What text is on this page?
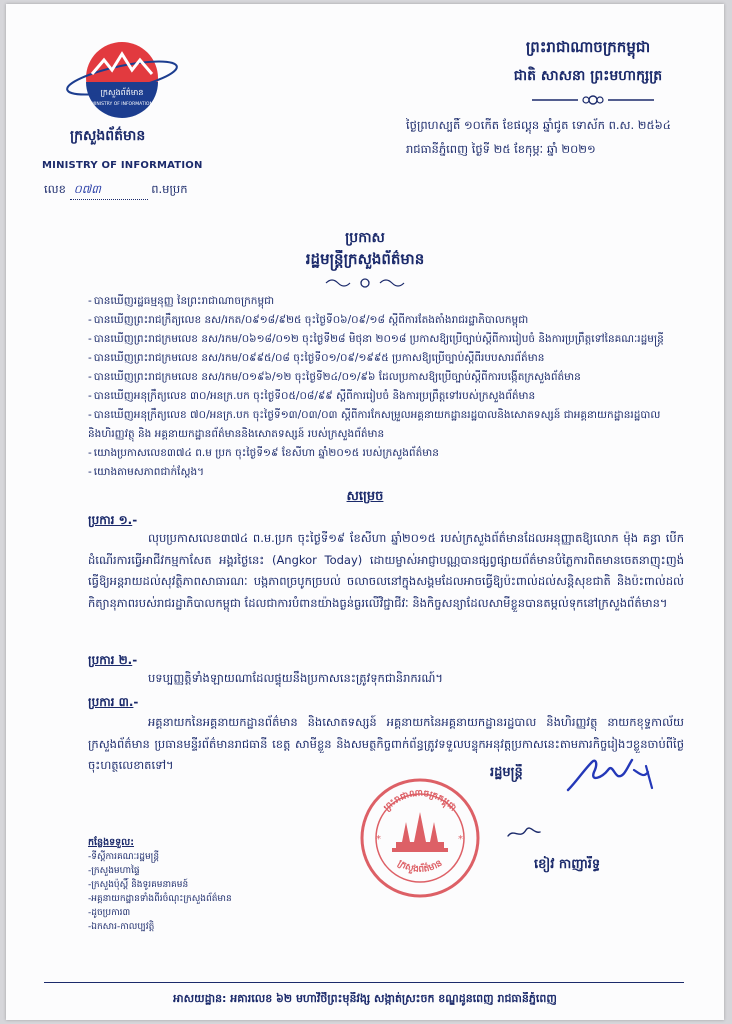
ក្រសួងព័ត៌មាន
MINISTRY OF INFORMATION
ក្រសួងព័ត៌មាន
MINISTRY OF INFORMATION
លេខ ០៧៣	ព.មប្រក
ព្រះរាជាណាចក្រកម្ពុជា
ជាតិ សាសនា ព្រះមហាក្សត្រ
ថ្ងៃព្រហស្បតិ៍ ១០កើត ខែផល្គុន ឆ្នាំជូត ទោស័ក ព.ស. ២៥៦៤
រាជធានីភ្នំពេញ ថ្ងៃទី ២៥ ខែកុម្ភៈ ឆ្នាំ ២០២១
ប្រកាស
រដ្ឋមន្ត្រីក្រសួងព័ត៌មាន
- បានឃើញរដ្ឋធម្មនុញ្ញ នៃព្រះរាជាណាចក្រកម្ពុជា
- បានឃើញព្រះរាជក្រឹត្យលេខ នស/រកត/០៩១៨/៩២៥ ចុះថ្ងៃទី០៦/០៩/១៨ ស្តីពីការតែងតាំងរាជរដ្ឋាភិបាលកម្ពុជា
- បានឃើញព្រះរាជក្រមលេខ នស/រកម/០៦១៨/០១២ ចុះថ្ងៃទី២៨ មិថុនា ២០១៨ ប្រកាសឱ្យប្រើច្បាប់ស្តីពីការរៀបចំ និងការប្រព្រឹត្តទៅនៃគណៈរដ្ឋមន្ត្រី
- បានឃើញព្រះរាជក្រមលេខ នស/រកម/០៩៩៥/០៨ ចុះថ្ងៃទី០១/០៩/១៩៩៥ ប្រកាសឱ្យប្រើច្បាប់ស្តីពីរបបសារព័ត៌មាន
- បានឃើញព្រះរាជក្រមលេខ នស/រកម/០១៩៦/១២ ចុះថ្ងៃទី២៤/០១/៩៦ ដែលប្រកាសឱ្យប្រើច្បាប់ស្តីពីការបង្កើតក្រសួងព័ត៌មាន
- បានឃើញអនុក្រឹត្យលេខ ៣០/អនក្រ.បក ចុះថ្ងៃទី០៥/០៨/៩៩ ស្តីពីការរៀបចំ និងការប្រព្រឹត្តទៅរបស់ក្រសួងព័ត៌មាន
- បានឃើញអនុក្រឹត្យលេខ ៧០/អនក្រ.បក ចុះថ្ងៃទី១៣/០៣/០៣ ស្តីពីការកែសម្រួលអគ្គនាយកដ្ឋានរដ្ឋបាលនិងសោតទស្សន៍ ជាអគ្គនាយកដ្ឋានរដ្ឋបាលនិងហិរញ្ញវត្ថុ និង អគ្គនាយកដ្ឋានព័ត៌មាននិងសោតទស្សន៍ របស់ក្រសួងព័ត៌មាន
- យោងប្រកាសលេខ៣៧៤ ព.ម ប្រក ចុះថ្ងៃទី១៩ ខែសីហា ឆ្នាំ២០១៥ របស់ក្រសួងព័ត៌មាន
- យោងតាមសភាពជាក់ស្តែង។
សម្រេច
ប្រការ ១.-
លុបប្រកាសលេខ៣៧៤ ព.ម.ប្រក ចុះថ្ងៃទី១៩ ខែសីហា ឆ្នាំ២០១៥ របស់ក្រសួងព័ត៌មានដែលអនុញ្ញាតឱ្យលោក ម៉ុង គន្ធា បើកដំណើរការធ្វើអាជីវកម្មកាសែត អង្គរថ្ងៃនេះ (Angkor Today) ដោយម្ចាស់អាជ្ញាបណ្ណបានផ្សព្វផ្សាយព័ត៌មានបំភ្លៃការពិតមានចេតនាញុះញង់ធ្វើឱ្យអន្តរាយដល់សុវត្ថិភាពសាធារណៈ បង្កភាពច្របូកច្របល់ ចលាចលនៅក្នុងសង្គមដែលអាចធ្វើឱ្យប៉ះពាល់ដល់សន្តិសុខជាតិ និងប៉ះពាល់ដល់កិត្យានុភាពរបស់រាជរដ្ឋាភិបាលកម្ពុជា ដែលជាការបំពានយ៉ាងធ្ងន់ធ្ងរលើវិជ្ជាជីវៈ និងកិច្ចសន្យាដែលសាមីខ្លួនបានតម្កល់ទុកនៅក្រសួងព័ត៌មាន។
ប្រការ ២.-
បទប្បញ្ញត្តិទាំងឡាយណាដែលផ្ទុយនឹងប្រកាសនេះត្រូវទុកជានិរាករណ៍។
ប្រការ ៣.-
អគ្គនាយកនៃអគ្គនាយកដ្ឋានព័ត៌មាន និងសោតទស្សន៍ អគ្គនាយកនៃអគ្គនាយកដ្ឋានរដ្ឋបាល និងហិរញ្ញវត្ថុ នាយកខុទ្ទកាល័យក្រសួងព័ត៌មាន ប្រធានមន្ទីរព័ត៌មានរាជធានី ខេត្ត សាមីខ្លួន និងសមត្ថកិច្ចពាក់ព័ន្ធត្រូវទទួលបន្ទុកអនុវត្តប្រកាសនេះតាមភារកិច្ចរៀងៗខ្លួនចាប់ពីថ្ងៃចុះហត្ថលេខាតទៅ។	រដ្ឋមន្ត្រី
ព្រះរាជាណាចក្រកម្ពុជា
ក្រសួងព័ត៌មាន
*	*
ខៀវ កាញារីទ្ធ
កន្លែងទទួល:
- ទីស្តីការគណៈរដ្ឋមន្ត្រី
- ក្រសួងមហាផ្ទៃ
- ក្រសួងប៉ុស្តិ៍ និងទូរគមនាគមន៍
- អគ្គនាយកដ្ឋានទាំងពីរចំណុះក្រសួងព័ត៌មាន
- ដូចប្រការ៣
- ឯកសារ-កាលប្បវត្តិ
អាសយដ្ឋាន: អគារលេខ ៦២ មហាវិថីព្រះមុនីវង្ស សង្កាត់ស្រះចក ខណ្ឌដូនពេញ រាជធានីភ្នំពេញ
